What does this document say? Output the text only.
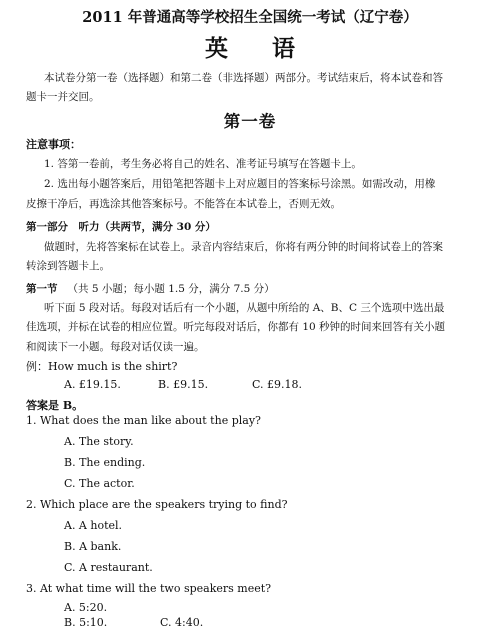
2011 年普通高等学校招生全国统一考试（辽宁卷）
英 语
本试卷分第一卷（选择题）和第二卷（非选择题）两部分。考试结束后，将本试卷和答
题卡一并交回。
第一卷
注意事项：
1. 答第一卷前，考生务必将自己的姓名、准考证号填写在答题卡上。
2. 选出每小题答案后，用铅笔把答题卡上对应题目的答案标号涂黑。如需改动，用橡
皮擦干净后，再选涂其他答案标号。不能答在本试卷上，否则无效。
第一部分　听力（共两节，满分 30 分）
做题时，先将答案标在试卷上。录音内容结束后，你将有两分钟的时间将试卷上的答案
转涂到答题卡上。
第一节 （共 5 小题；每小题 1.5 分，满分 7.5 分）
听下面 5 段对话。每段对话后有一个小题，从题中所给的 A、B、C 三个选项中选出最
佳选项，并标在试卷的相应位置。听完每段对话后，你都有 10 秒钟的时间来回答有关小题
和阅读下一小题。每段对话仅读一遍。
例：How much is the shirt?
A. £19.15.	B. £9.15.	C. £9.18.
答案是 B。
1. What does the man like about the play?
A. The story.
B. The ending.
C. The actor.
2. Which place are the speakers trying to find?
A. A hotel.
B. A bank.
C. A restaurant.
3. At what time will the two speakers meet?
A. 5:20.
B. 5:10.	C. 4:40.
